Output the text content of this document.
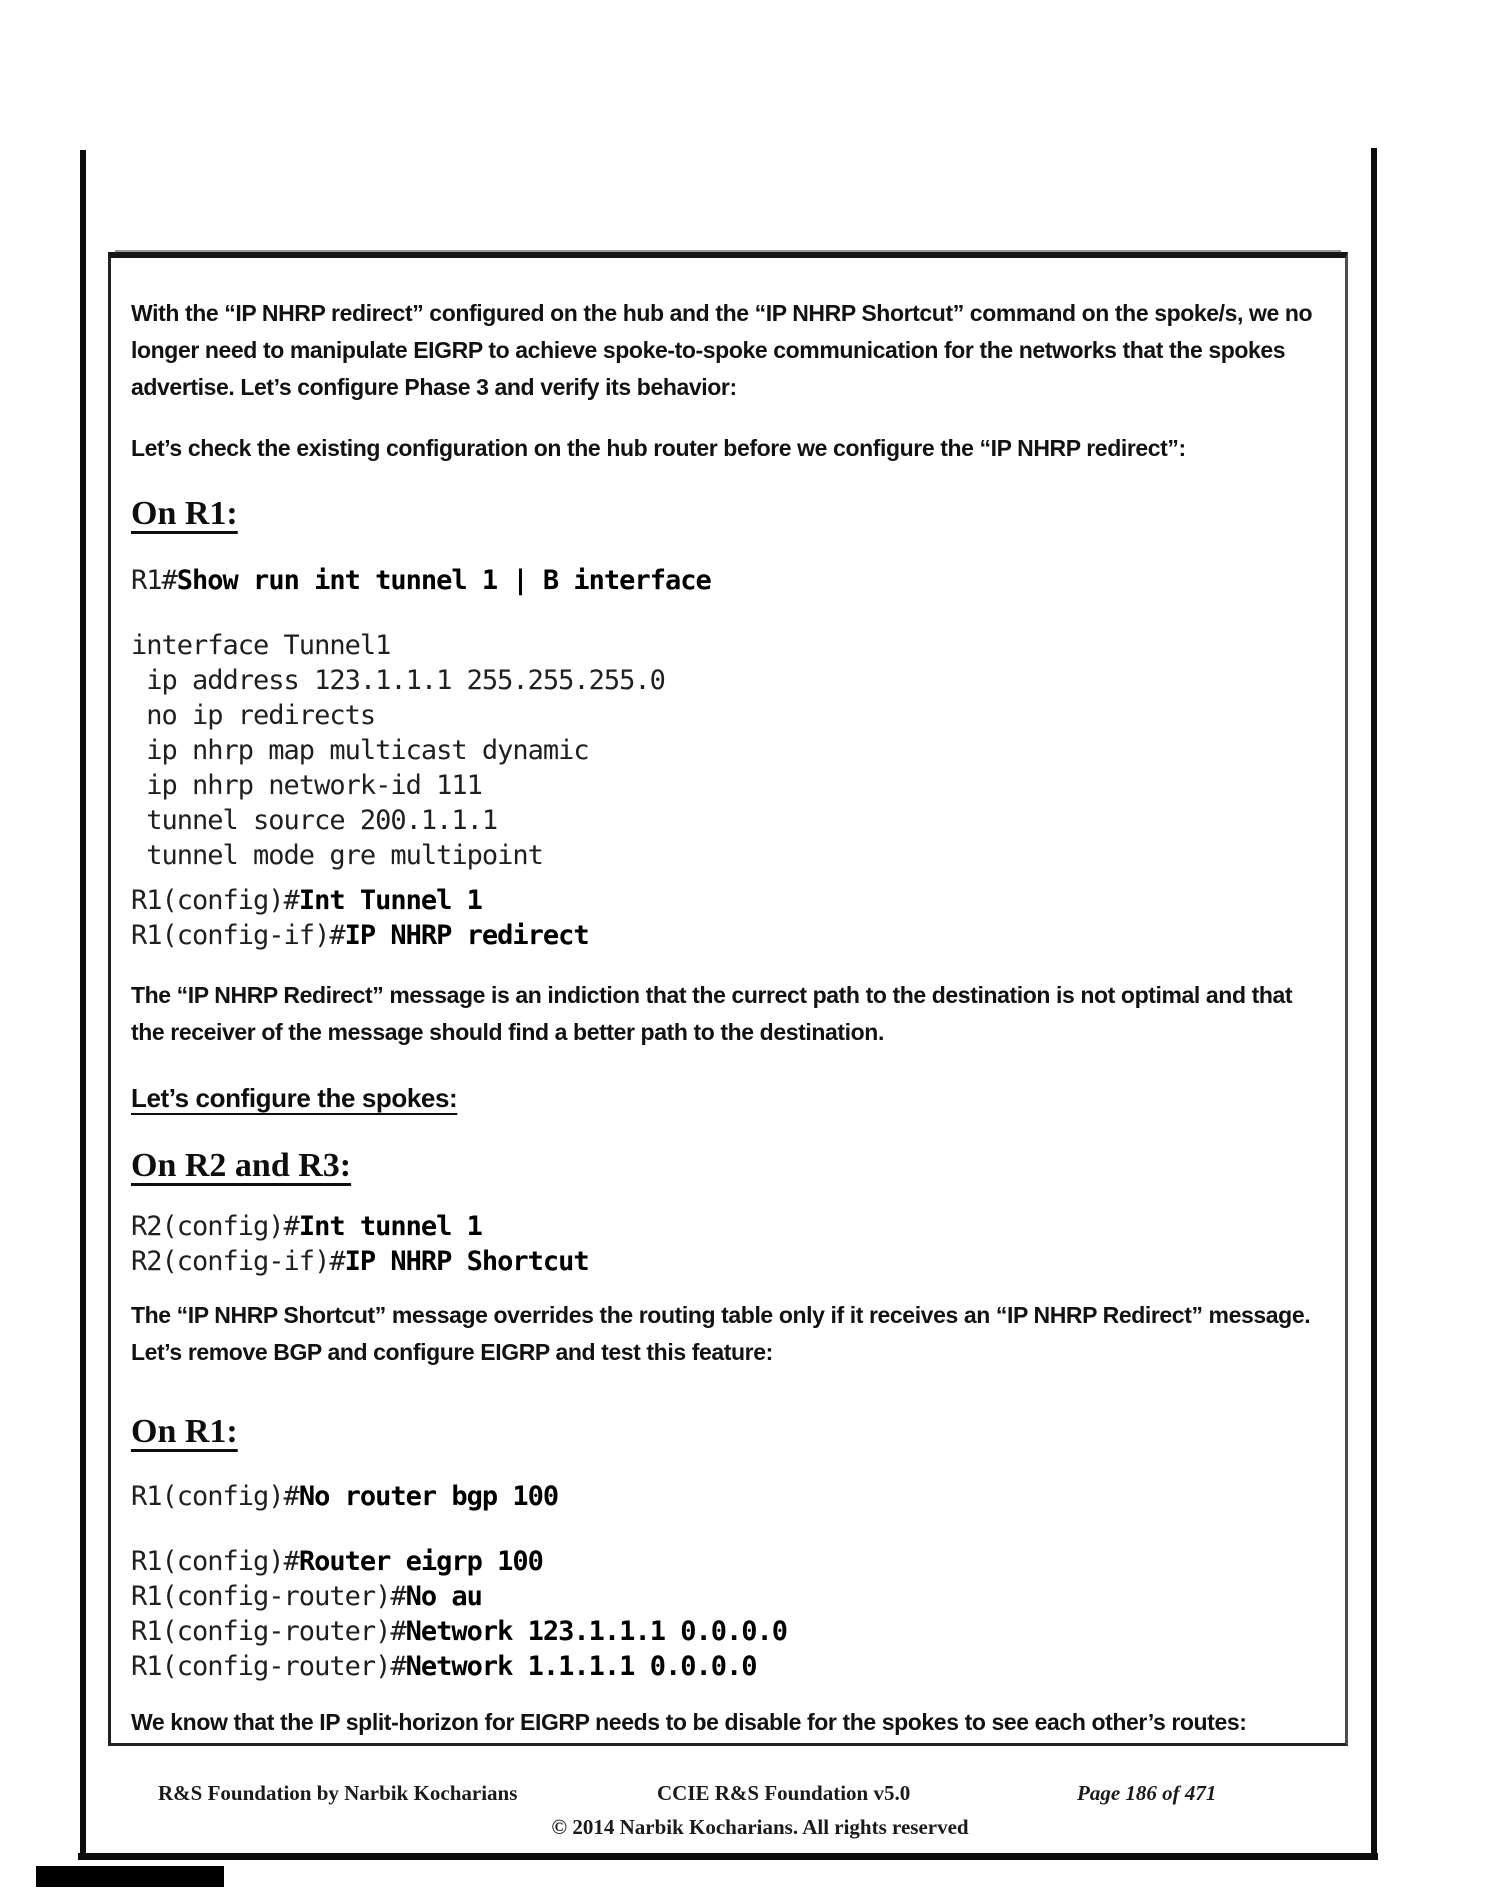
With the “IP NHRP redirect” configured on the hub and the “IP NHRP Shortcut” command on the spoke/s, we no longer need to manipulate EIGRP to achieve spoke-to-spoke communication for the networks that the spokes advertise. Let’s configure Phase 3 and verify its behavior:
Let’s check the existing configuration on the hub router before we configure the “IP NHRP redirect”:
On R1:
R1#Show run int tunnel 1 | B interface
interface Tunnel1
ip address 123.1.1.1 255.255.255.0
no ip redirects
ip nhrp map multicast dynamic
ip nhrp network-id 111
tunnel source 200.1.1.1
tunnel mode gre multipoint
R1(config)#Int Tunnel 1
R1(config-if)#IP NHRP redirect
The “IP NHRP Redirect” message is an indiction that the currect path to the destination is not optimal and that the receiver of the message should find a better path to the destination.
Let’s configure the spokes:
On R2 and R3:
R2(config)#Int tunnel 1
R2(config-if)#IP NHRP Shortcut
The “IP NHRP Shortcut” message overrides the routing table only if it receives an “IP NHRP Redirect” message. Let’s remove BGP and configure EIGRP and test this feature:
On R1:
R1(config)#No router bgp 100
R1(config)#Router eigrp 100
R1(config-router)#No au
R1(config-router)#Network 123.1.1.1 0.0.0.0
R1(config-router)#Network 1.1.1.1 0.0.0.0
We know that the IP split-horizon for EIGRP needs to be disable for the spokes to see each other’s routes:
R&S Foundation by Narbik Kocharians	CCIE R&S Foundation v5.0	Page 186 of 471
© 2014 Narbik Kocharians. All rights reserved
